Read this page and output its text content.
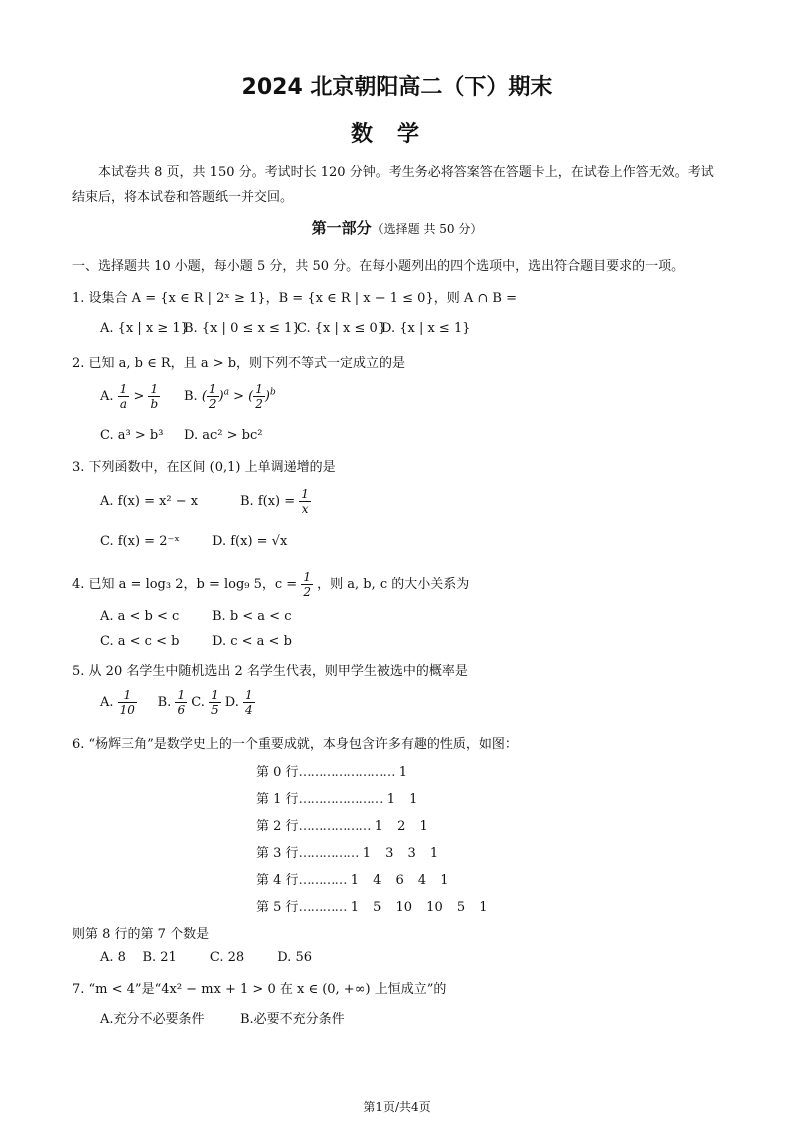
2024 北京朝阳高二（下）期末
数学
本试卷共 8 页，共 150 分。考试时长 120 分钟。考生务必将答案答在答题卡上，在试卷上作答无效。考试结束后，将本试卷和答题纸一并交回。
第一部分（选择题 共 50 分）
一、选择题共 10 小题，每小题 5 分，共 50 分。在每小题列出的四个选项中，选出符合题目要求的一项。
1. 设集合 A = {x ∈ R | 2ˣ ≥ 1}，B = {x ∈ R | x − 1 ≤ 0}，则 A ∩ B =
A. {x | x ≥ 1}
B. {x | 0 ≤ x ≤ 1}
C. {x | x ≤ 0}
D. {x | x ≤ 1}
2. 已知 a, b ∈ R，且 a > b，则下列不等式一定成立的是
A. $\frac{1}{a} > \frac{1}{b} B$. ( $\frac{1}{2} )^a$ > ( $\frac{1}{2} )^b$
C. a³ > b³ D. ac² > bc²
3. 下列函数中，在区间 (0,1) 上单调递增的是
A. f(x) = x² − x	B. $f(x) = \frac{1}{x}$
C. f(x) = 2⁻ˣ D. f(x) = √x
4. 已知 a = log₃ 2，b = log₉ 5，$c = \frac{1}{2}$ ，则 a, b, c 的大小关系为
A. a < b < c	B. b < a < c
C. a < c < b	D. c < a < b
5. 从 20 名学生中随机选出 2 名学生代表，则甲学生被选中的概率是
A. $\frac{1}{10} B$. $\frac{1}{6} C$. $\frac{1}{5} D$. $\frac{1}{4}$
6. “杨辉三角”是数学史上的一个重要成就，本身包含许多有趣的性质，如图：
第 0 行…………………… 1
第 1 行………………… 1 1
第 2 行……………… 1 2 1
第 3 行…………… 1 3 3 1
第 4 行………… 1 4 6 4 1
第 5 行………… 1 5 10 10 5 1
则第 8 行的第 7 个数是
A. 8    B. 21        C. 28        D. 56
7. “m < 4”是“4x² − mx + 1 > 0 在 x ∈ (0, +∞) 上恒成立”的
A.充分不必要条件	B.必要不充分条件
第1页/共4页
